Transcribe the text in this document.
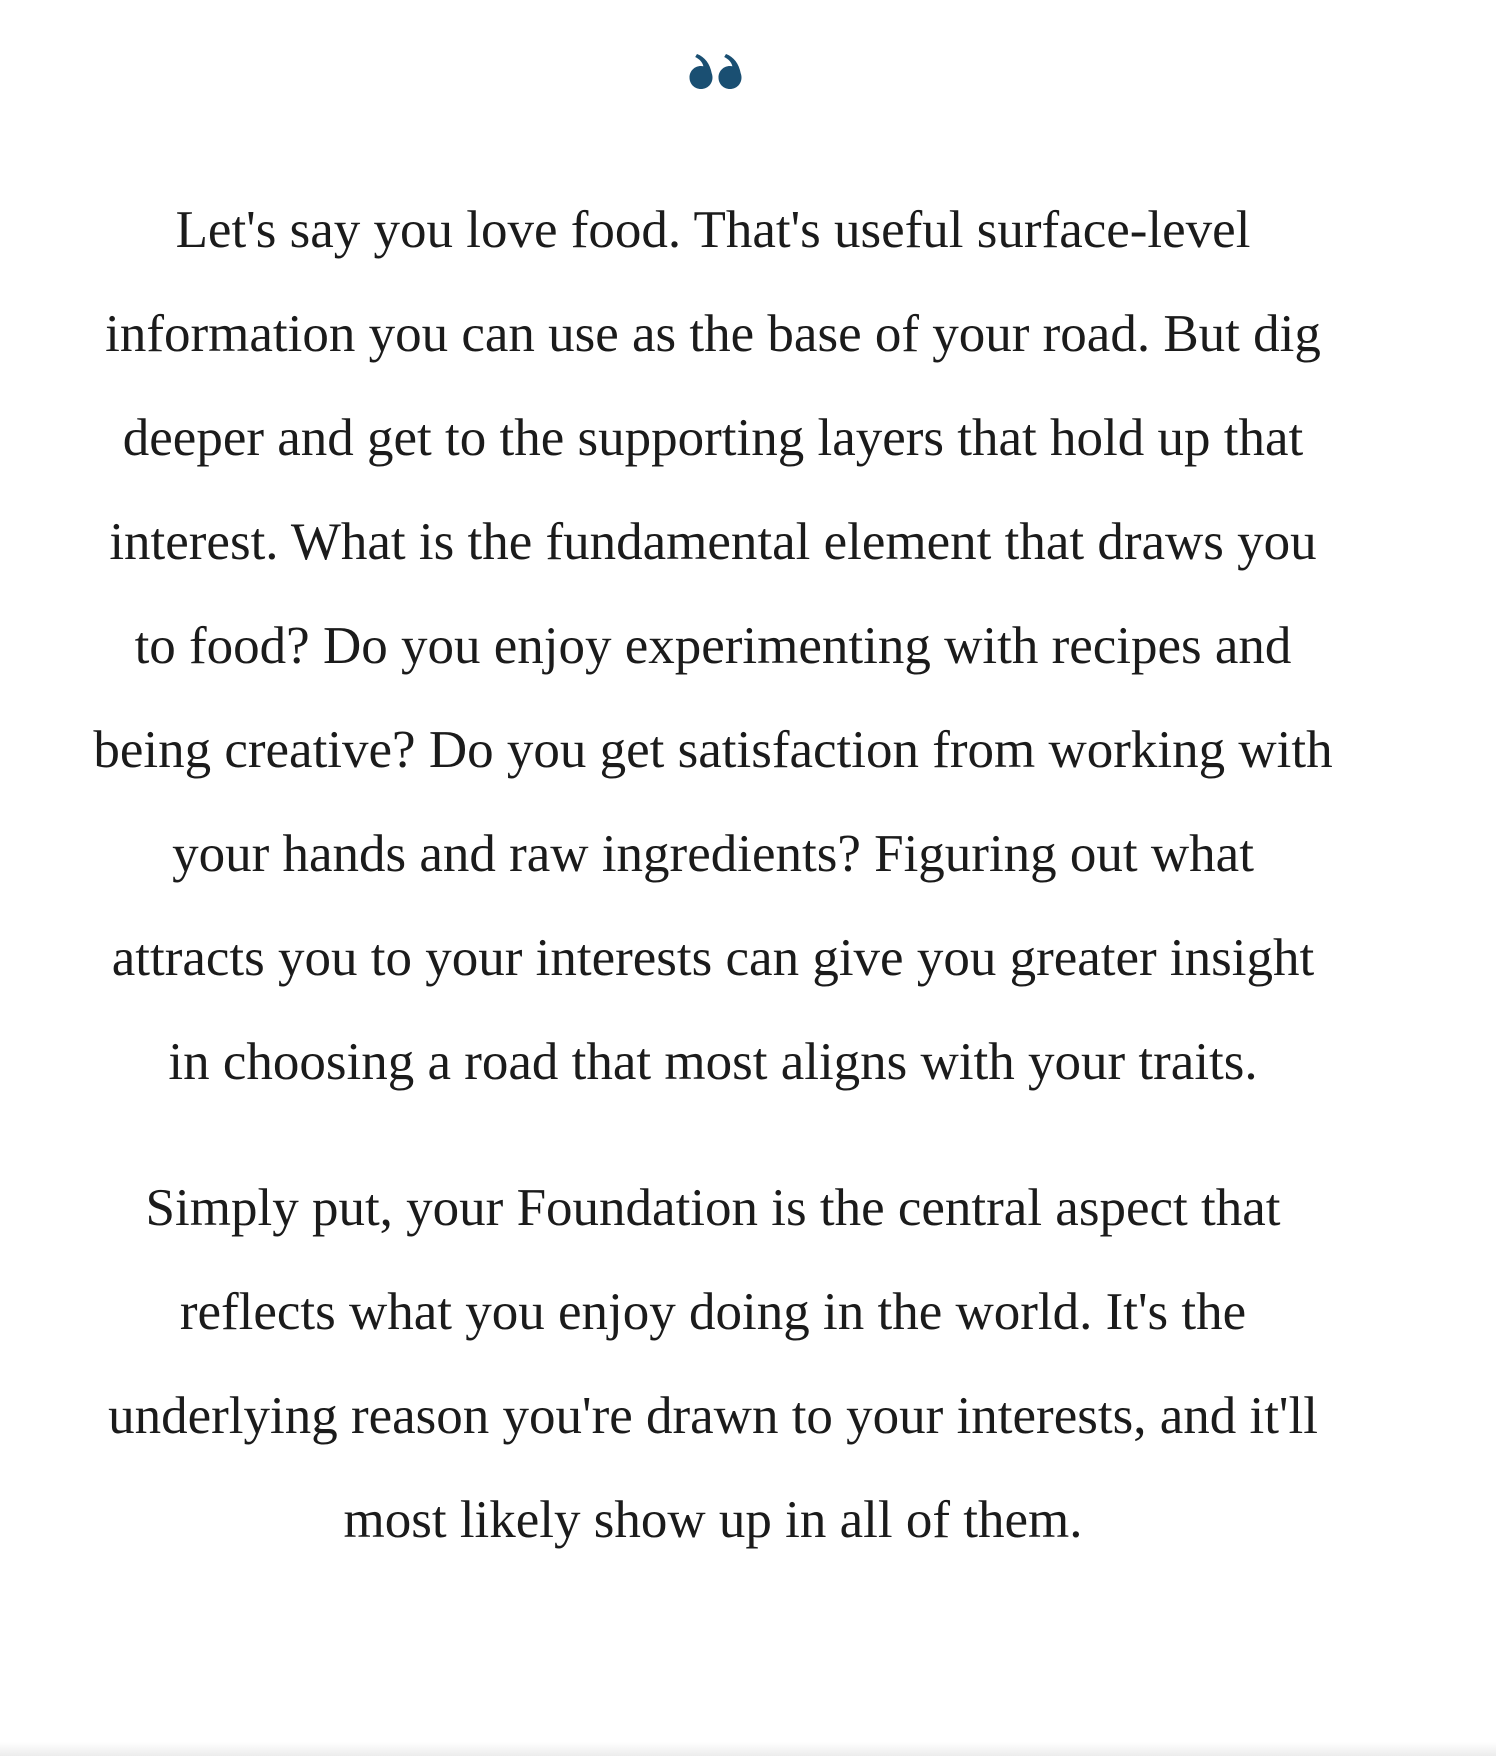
Let's say you love food. That's useful surface-level information you can use as the base of your road. But dig deeper and get to the supporting layers that hold up that interest. What is the fundamental element that draws you to food? Do you enjoy experimenting with recipes and being creative? Do you get satisfaction from working with your hands and raw ingredients? Figuring out what attracts you to your interests can give you greater insight in choosing a road that most aligns with your traits.

Simply put, your Foundation is the central aspect that reflects what you enjoy doing in the world. It's the underlying reason you're drawn to your interests, and it'll most likely show up in all of them.
